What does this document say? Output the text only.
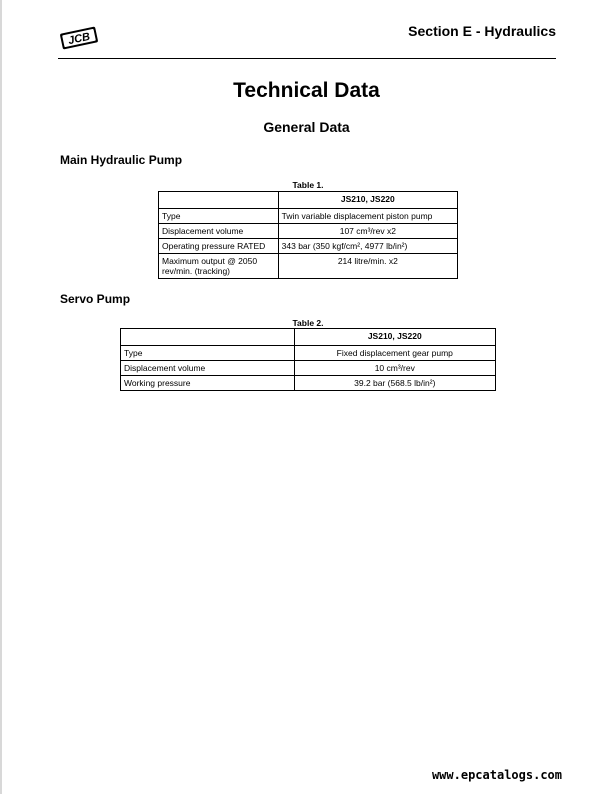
JCB	Section E - Hydraulics
Technical Data
General Data
Main Hydraulic Pump
Table 1.
	JS210, JS220
Type	Twin variable displacement piston pump
Displacement volume	107 cm³/rev x2
Operating pressure RATED	343 bar (350 kgf/cm², 4977 lb/in²)
Maximum output @ 2050 rev/min. (tracking)	214 litre/min. x2
Servo Pump
Table 2.
	JS210, JS220
Type	Fixed displacement gear pump
Displacement volume	10 cm³/rev
Working pressure	39.2 bar (568.5 lb/in²)
www.epcatalogs.com
